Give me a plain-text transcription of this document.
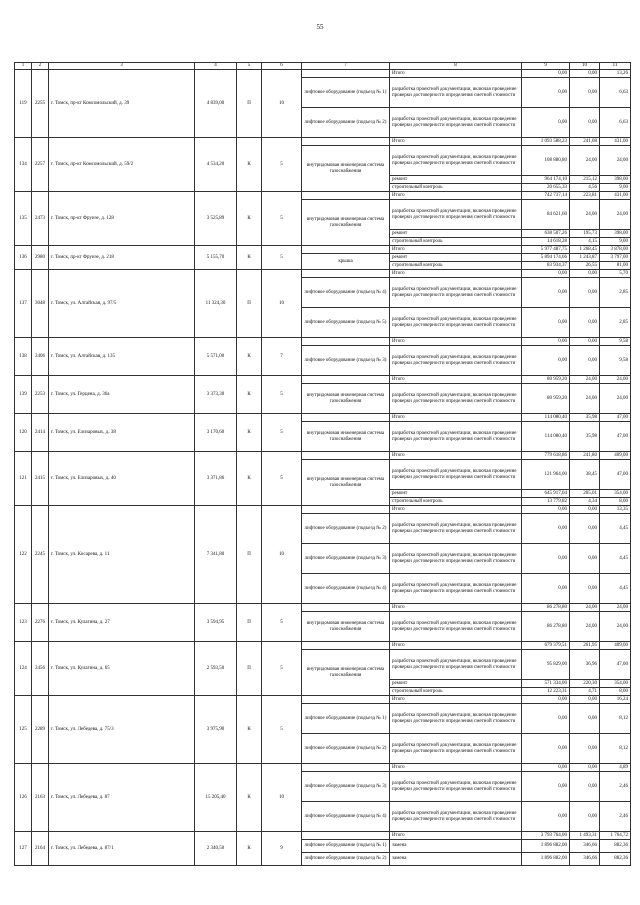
55
1	2	3	4	5	6	7	8	9	10	11
119	2255	г. Томск, пр-кт Комсомольский, д. 39	4 839,00	П	10		Итого	0,00	0,00	13,26
						лифтовое оборудование (подъезд № 1)	разработка проектной документации, включая проведение проверки достоверности определения сметной стоимости	0,00	0,00	6,63
						лифтовое оборудование (подъезд № 2)	разработка проектной документации, включая проведение проверки достоверности определения сметной стоимости	0,00	0,00	6,63
134	2257	г. Томск, пр-кт Комсомольский, д. 59/2	4 534,20	К	5		Итого	1 093 588,23	241,08	431,00
						внутридомовая инженерная система газоснабжения	разработка проектной документации, включая проведение проверки достоверности определения сметной стоимости	108 880,80	24,00	24,00
							ремонт	964 174,10	215,12	398,00
							строительный контроль	20 655,33	4,56	9,00
135	2473	г. Томск, пр-кт Фрунзе, д. 128	3 525,89	К	5		Итого	742 737,14	223,81	431,00
						внутридомовая инженерная система газоснабжения	разработка проектной документации, включая проведение проверки достоверности определения сметной стоимости	84 621,60	24,00	24,00
							ремонт	638 507,26	195,73	398,00
							строительный контроль	14 618,28	4,15	9,00
136	2980	г. Томск, пр-кт Фрунзе, д. 218	5 155,70	К	5		Итого	5 977 487,75	1 268,45	3 878,00
						крыша	ремонт	5 894 174,66	1 243,87	3 797,00
							строительный контроль	83 934,37	26,55	81,00
137	3048	г. Томск, ул. Алтайская, д. 97/5	11 324,30	П	10		Итого	0,00	0,00	5,70
						лифтовое оборудование (подъезд № 4)	разработка проектной документации, включая проведение проверки достоверности определения сметной стоимости	0,00	0,00	2,85
						лифтовое оборудование (подъезд № 5)	разработка проектной документации, включая проведение проверки достоверности определения сметной стоимости	0,00	0,00	2,85
138	2406	г. Томск, ул. Алтайская, д. 135	5 571,00	К	7		Итого	0,00	0,00	9,58
						лифтовое оборудование (подъезд № 3)	разработка проектной документации, включая проведение проверки достоверности определения сметной стоимости	0,00	0,00	9,58
139	2253	г. Томск, ул. Герцена, д. 36а	3 373,30	К	5		Итого	80 959,20	24,00	24,00
						внутридомовая инженерная система газоснабжения	разработка проектной документации, включая проведение проверки достоверности определения сметной стоимости	80 959,20	24,00	24,00
120	2414	г. Томск, ул. Елизаровых, д. 38	3 170,60	К	5		Итого	114 080,40	35,98	47,00
						внутридомовая инженерная система газоснабжения	разработка проектной документации, включая проведение проверки достоверности определения сметной стоимости	114 080,40	35,98	47,00
121	2415	г. Томск, ул. Елизаровых, д. 40	3 371,86	К	5		Итого	779 618,86	241,80	409,00
						внутридомовая инженерная система газоснабжения	разработка проектной документации, включая проведение проверки достоверности определения сметной стоимости	121 964,00	38,45	47,00
							ремонт	645 917,04	205,01	354,00
							строительный контроль	13 779,82	4,34	8,00
122	2245	г. Томск, ул. Косарева, д. 11	7 341,80	П	10		Итого	0,00	0,00	13,35
						лифтовое оборудование (подъезд № 2)	разработка проектной документации, включая проведение проверки достоверности определения сметной стоимости	0,00	0,00	4,45
						лифтовое оборудование (подъезд № 3)	разработка проектной документации, включая проведение проверки достоверности определения сметной стоимости	0,00	0,00	4,45
						лифтовое оборудование (подъезд № 4)	разработка проектной документации, включая проведение проверки достоверности определения сметной стоимости	0,00	0,00	4,45
123	2276	г. Томск, ул. Кулагина, д. 27	3 594,95	П	5		Итого	86 278,80	24,00	24,00
						внутридомовая инженерная система газоснабжения	разработка проектной документации, включая проведение проверки достоверности определения сметной стоимости	86 278,80	24,00	24,00
124	2456	г. Томск, ул. Кулагина, д. 65	2 593,50	П	5		Итого	679 379,51	261,95	409,00
						внутридомовая инженерная система газоснабжения	разработка проектной документации, включая проведение проверки достоверности определения сметной стоимости	95 829,00	36,96	47,00
							ремонт	571 334,00	220,30	354,00
							строительный контроль	12 223,31	4,71	8,00
125	2289	г. Томск, ул. Лебедева, д. 75/3	3 975,90	К	5		Итого	0,00	0,00	16,24
						лифтовое оборудование (подъезд № 1)	разработка проектной документации, включая проведение проверки достоверности определения сметной стоимости	0,00	0,00	8,12
						лифтовое оборудование (подъезд № 2)	разработка проектной документации, включая проведение проверки достоверности определения сметной стоимости	0,00	0,00	8,12
126	2163	г. Томск, ул. Лебедева, д. 87	15 205,40	К	10		Итого	0,00	0,00	4,89
						лифтовое оборудование (подъезд № 3)	разработка проектной документации, включая проведение проверки достоверности определения сметной стоимости	0,00	0,00	2,46
						лифтовое оборудование (подъезд № 4)	разработка проектной документации, включая проведение проверки достоверности определения сметной стоимости	0,00	0,00	2,46
127	2164	г. Томск, ул. Лебедева, д. 87/1	2 340,50	К	9		Итого	3 793 764,00	1 493,31	1 764,72
						лифтовое оборудование (подъезд № 1)	замена	1 896 882,00	346,66	882,36
						лифтовое оборудование (подъезд № 2)	замена	1 896 882,00	346,66	882,36
